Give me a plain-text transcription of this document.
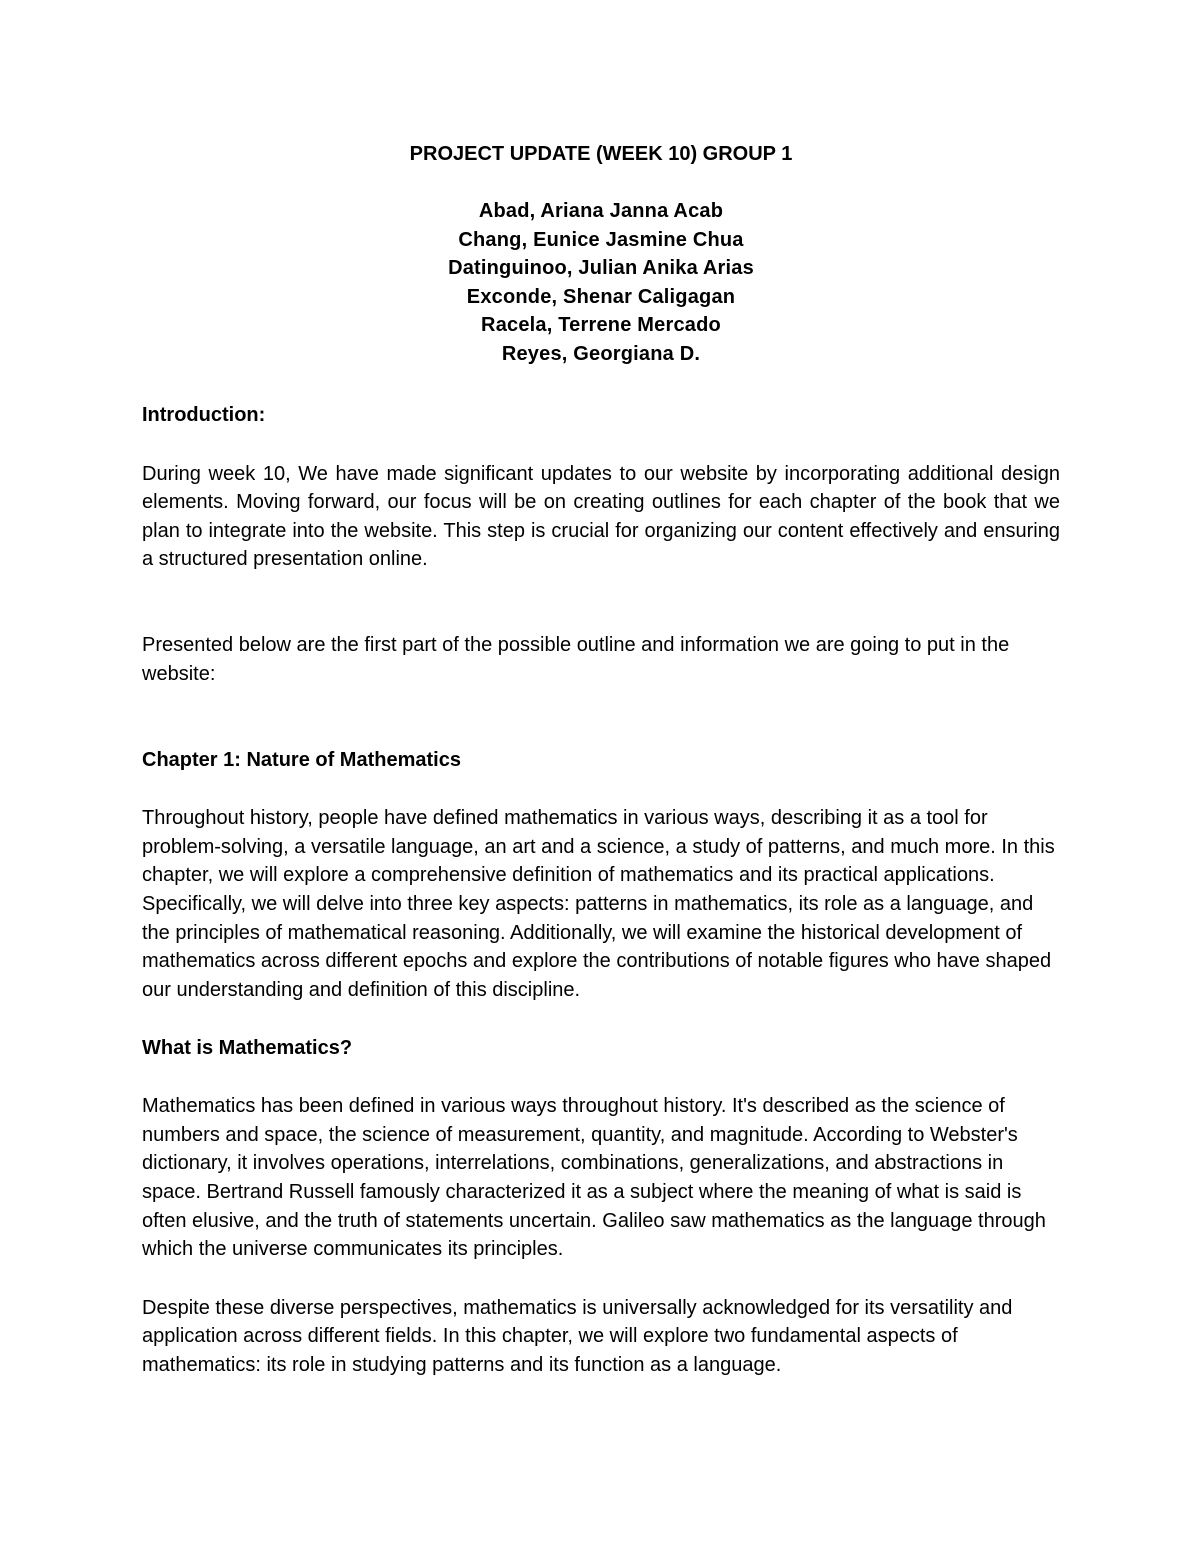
PROJECT UPDATE (WEEK 10) GROUP 1
Abad, Ariana Janna Acab
Chang, Eunice Jasmine Chua
Datinguinoo, Julian Anika Arias
Exconde, Shenar Caligagan
Racela, Terrene Mercado
Reyes, Georgiana D.
Introduction:

During week 10, We have made significant updates to our website by incorporating additional design elements. Moving forward, our focus will be on creating outlines for each chapter of the book that we plan to integrate into the website. This step is crucial for organizing our content effectively and ensuring a structured presentation online.

Presented below are the first part of the possible outline and information we are going to put in the website:

Chapter 1: Nature of Mathematics

Throughout history, people have defined mathematics in various ways, describing it as a tool for problem-solving, a versatile language, an art and a science, a study of patterns, and much more. In this chapter, we will explore a comprehensive definition of mathematics and its practical applications. Specifically, we will delve into three key aspects: patterns in mathematics, its role as a language, and the principles of mathematical reasoning. Additionally, we will examine the historical development of mathematics across different epochs and explore the contributions of notable figures who have shaped our understanding and definition of this discipline.

What is Mathematics?

Mathematics has been defined in various ways throughout history. It's described as the science of numbers and space, the science of measurement, quantity, and magnitude. According to Webster's dictionary, it involves operations, interrelations, combinations, generalizations, and abstractions in space. Bertrand Russell famously characterized it as a subject where the meaning of what is said is often elusive, and the truth of statements uncertain. Galileo saw mathematics as the language through which the universe communicates its principles.

Despite these diverse perspectives, mathematics is universally acknowledged for its versatility and application across different fields. In this chapter, we will explore two fundamental aspects of mathematics: its role in studying patterns and its function as a language.
